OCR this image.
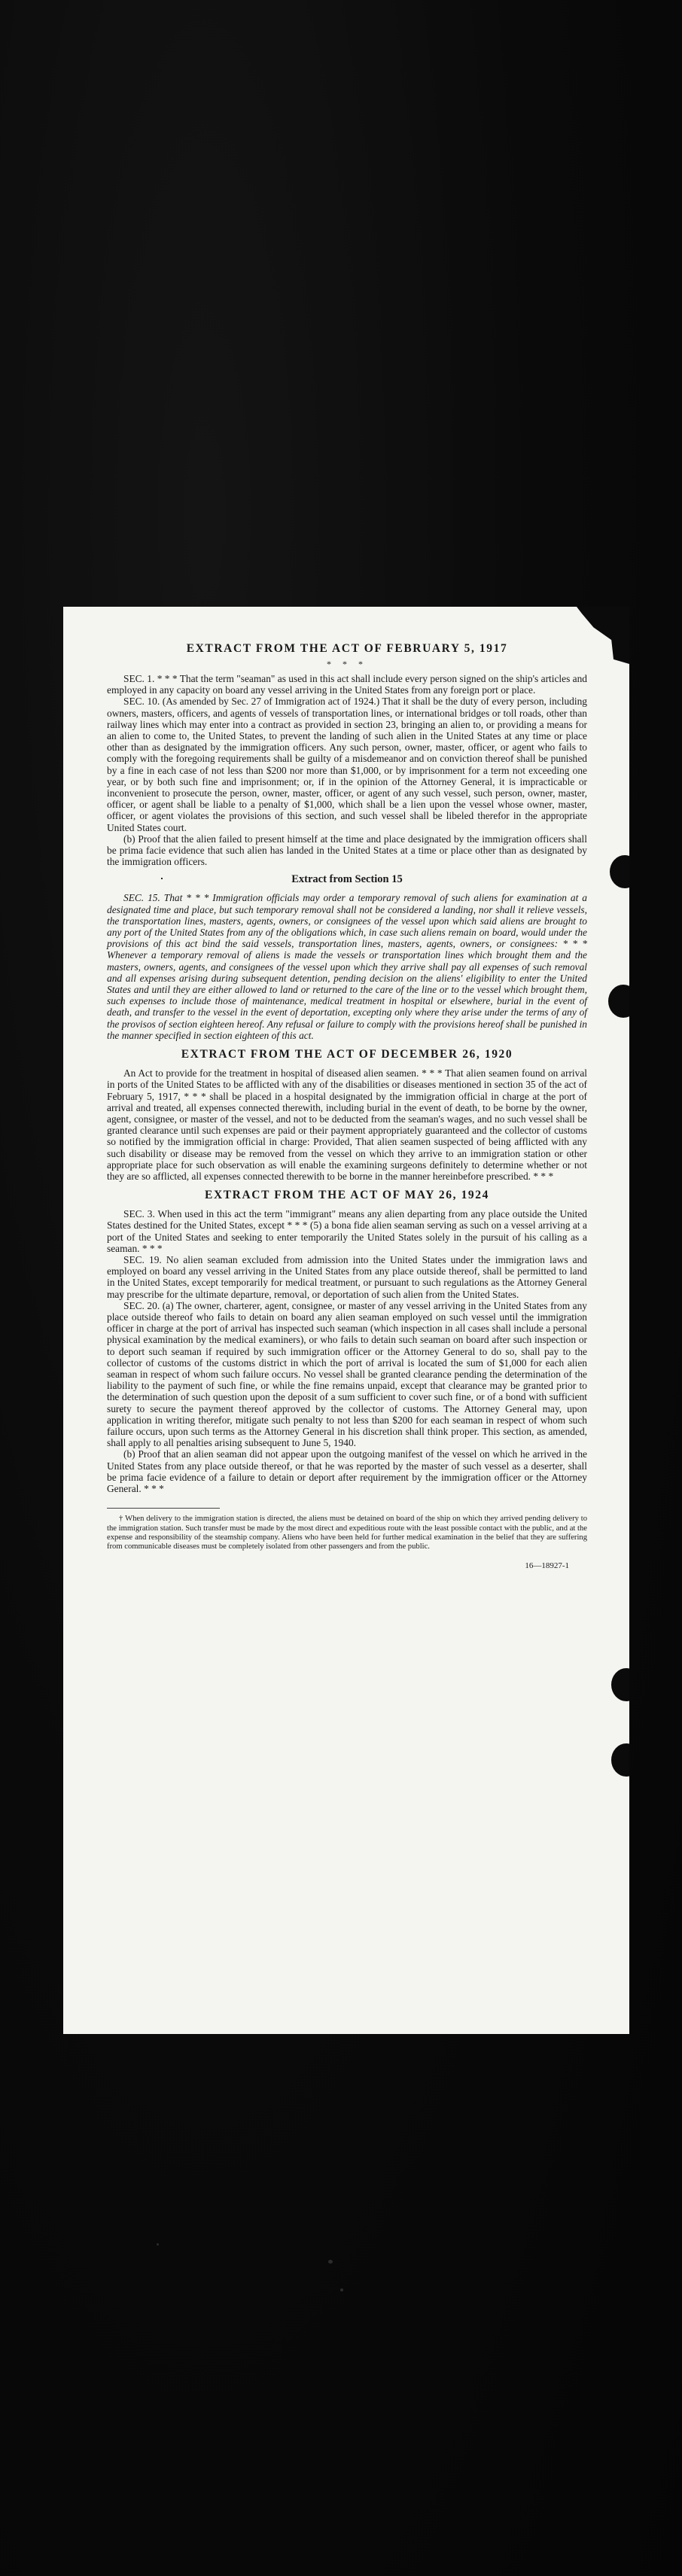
EXTRACT FROM THE ACT OF FEBRUARY 5, 1917
* * *

SEC. 1. * * * That the term "seaman" as used in this act shall include every person signed on the ship's articles and employed in any capacity on board any vessel arriving in the United States from any foreign port or place.

SEC. 10. (As amended by Sec. 27 of Immigration act of 1924.) That it shall be the duty of every person, including owners, masters, officers, and agents of vessels of transportation lines, or international bridges or toll roads, other than railway lines which may enter into a contract as provided in section 23, bringing an alien to, or providing a means for an alien to come to, the United States, to prevent the landing of such alien in the United States at any time or place other than as designated by the immigration officers. Any such person, owner, master, officer, or agent who fails to comply with the foregoing requirements shall be guilty of a misdemeanor and on conviction thereof shall be punished by a fine in each case of not less than $200 nor more than $1,000, or by imprisonment for a term not exceeding one year, or by both such fine and imprisonment; or, if in the opinion of the Attorney General, it is impracticable or inconvenient to prosecute the person, owner, master, officer, or agent of any such vessel, such person, owner, master, officer, or agent shall be liable to a penalty of $1,000, which shall be a lien upon the vessel whose owner, master, officer, or agent violates the provisions of this section, and such vessel shall be libeled therefor in the appropriate United States court.

(b) Proof that the alien failed to present himself at the time and place designated by the immigration officers shall be prima facie evidence that such alien has landed in the United States at a time or place other than as designated by the immigration officers.

Extract from Section 15

SEC. 15. That * * * Immigration officials may order a temporary removal of such aliens for examination at a designated time and place, but such temporary removal shall not be considered a landing, nor shall it relieve vessels, the transportation lines, masters, agents, owners, or consignees of the vessel upon which said aliens are brought to any port of the United States from any of the obligations which, in case such aliens remain on board, would under the provisions of this act bind the said vessels, transportation lines, masters, agents, owners, or consignees: * * * Whenever a temporary removal of aliens is made the vessels or transportation lines which brought them and the masters, owners, agents, and consignees of the vessel upon which they arrive shall pay all expenses of such removal and all expenses arising during subsequent detention, pending decision on the aliens' eligibility to enter the United States and until they are either allowed to land or returned to the care of the line or to the vessel which brought them, such expenses to include those of maintenance, medical treatment in hospital or elsewhere, burial in the event of death, and transfer to the vessel in the event of deportation, excepting only where they arise under the terms of any of the provisos of section eighteen hereof. Any refusal or failure to comply with the provisions hereof shall be punished in the manner specified in section eighteen of this act.

EXTRACT FROM THE ACT OF DECEMBER 26, 1920

An Act to provide for the treatment in hospital of diseased alien seamen. * * * That alien seamen found on arrival in ports of the United States to be afflicted with any of the disabilities or diseases mentioned in section 35 of the act of February 5, 1917, * * * shall be placed in a hospital designated by the immigration official in charge at the port of arrival and treated, all expenses connected therewith, including burial in the event of death, to be borne by the owner, agent, consignee, or master of the vessel, and not to be deducted from the seaman's wages, and no such vessel shall be granted clearance until such expenses are paid or their payment appropriately guaranteed and the collector of customs so notified by the immigration official in charge: Provided, That alien seamen suspected of being afflicted with any such disability or disease may be removed from the vessel on which they arrive to an immigration station or other appropriate place for such observation as will enable the examining surgeons definitely to determine whether or not they are so afflicted, all expenses connected therewith to be borne in the manner hereinbefore prescribed. * * *

EXTRACT FROM THE ACT OF MAY 26, 1924

SEC. 3. When used in this act the term "immigrant" means any alien departing from any place outside the United States destined for the United States, except * * * (5) a bona fide alien seaman serving as such on a vessel arriving at a port of the United States and seeking to enter temporarily the United States solely in the pursuit of his calling as a seaman. * * *

SEC. 19. No alien seaman excluded from admission into the United States under the immigration laws and employed on board any vessel arriving in the United States from any place outside thereof, shall be permitted to land in the United States, except temporarily for medical treatment, or pursuant to such regulations as the Attorney General may prescribe for the ultimate departure, removal, or deportation of such alien from the United States.

SEC. 20. (a) The owner, charterer, agent, consignee, or master of any vessel arriving in the United States from any place outside thereof who fails to detain on board any alien seaman employed on such vessel until the immigration officer in charge at the port of arrival has inspected such seaman (which inspection in all cases shall include a personal physical examination by the medical examiners), or who fails to detain such seaman on board after such inspection or to deport such seaman if required by such immigration officer or the Attorney General to do so, shall pay to the collector of customs of the customs district in which the port of arrival is located the sum of $1,000 for each alien seaman in respect of whom such failure occurs. No vessel shall be granted clearance pending the determination of the liability to the payment of such fine, or while the fine remains unpaid, except that clearance may be granted prior to the determination of such question upon the deposit of a sum sufficient to cover such fine, or of a bond with sufficient surety to secure the payment thereof approved by the collector of customs. The Attorney General may, upon application in writing therefor, mitigate such penalty to not less than $200 for each seaman in respect of whom such failure occurs, upon such terms as the Attorney General in his discretion shall think proper. This section, as amended, shall apply to all penalties arising subsequent to June 5, 1940.

(b) Proof that an alien seaman did not appear upon the outgoing manifest of the vessel on which he arrived in the United States from any place outside thereof, or that he was reported by the master of such vessel as a deserter, shall be prima facie evidence of a failure to detain or deport after requirement by the immigration officer or the Attorney General. * * *

† When delivery to the immigration station is directed, the aliens must be detained on board of the ship on which they arrived pending delivery to the immigration station. Such transfer must be made by the most direct and expeditious route with the least possible contact with the public, and at the expense and responsibility of the steamship company. Aliens who have been held for further medical examination in the belief that they are suffering from communicable diseases must be completely isolated from other passengers and from the public.

16—18927-1
